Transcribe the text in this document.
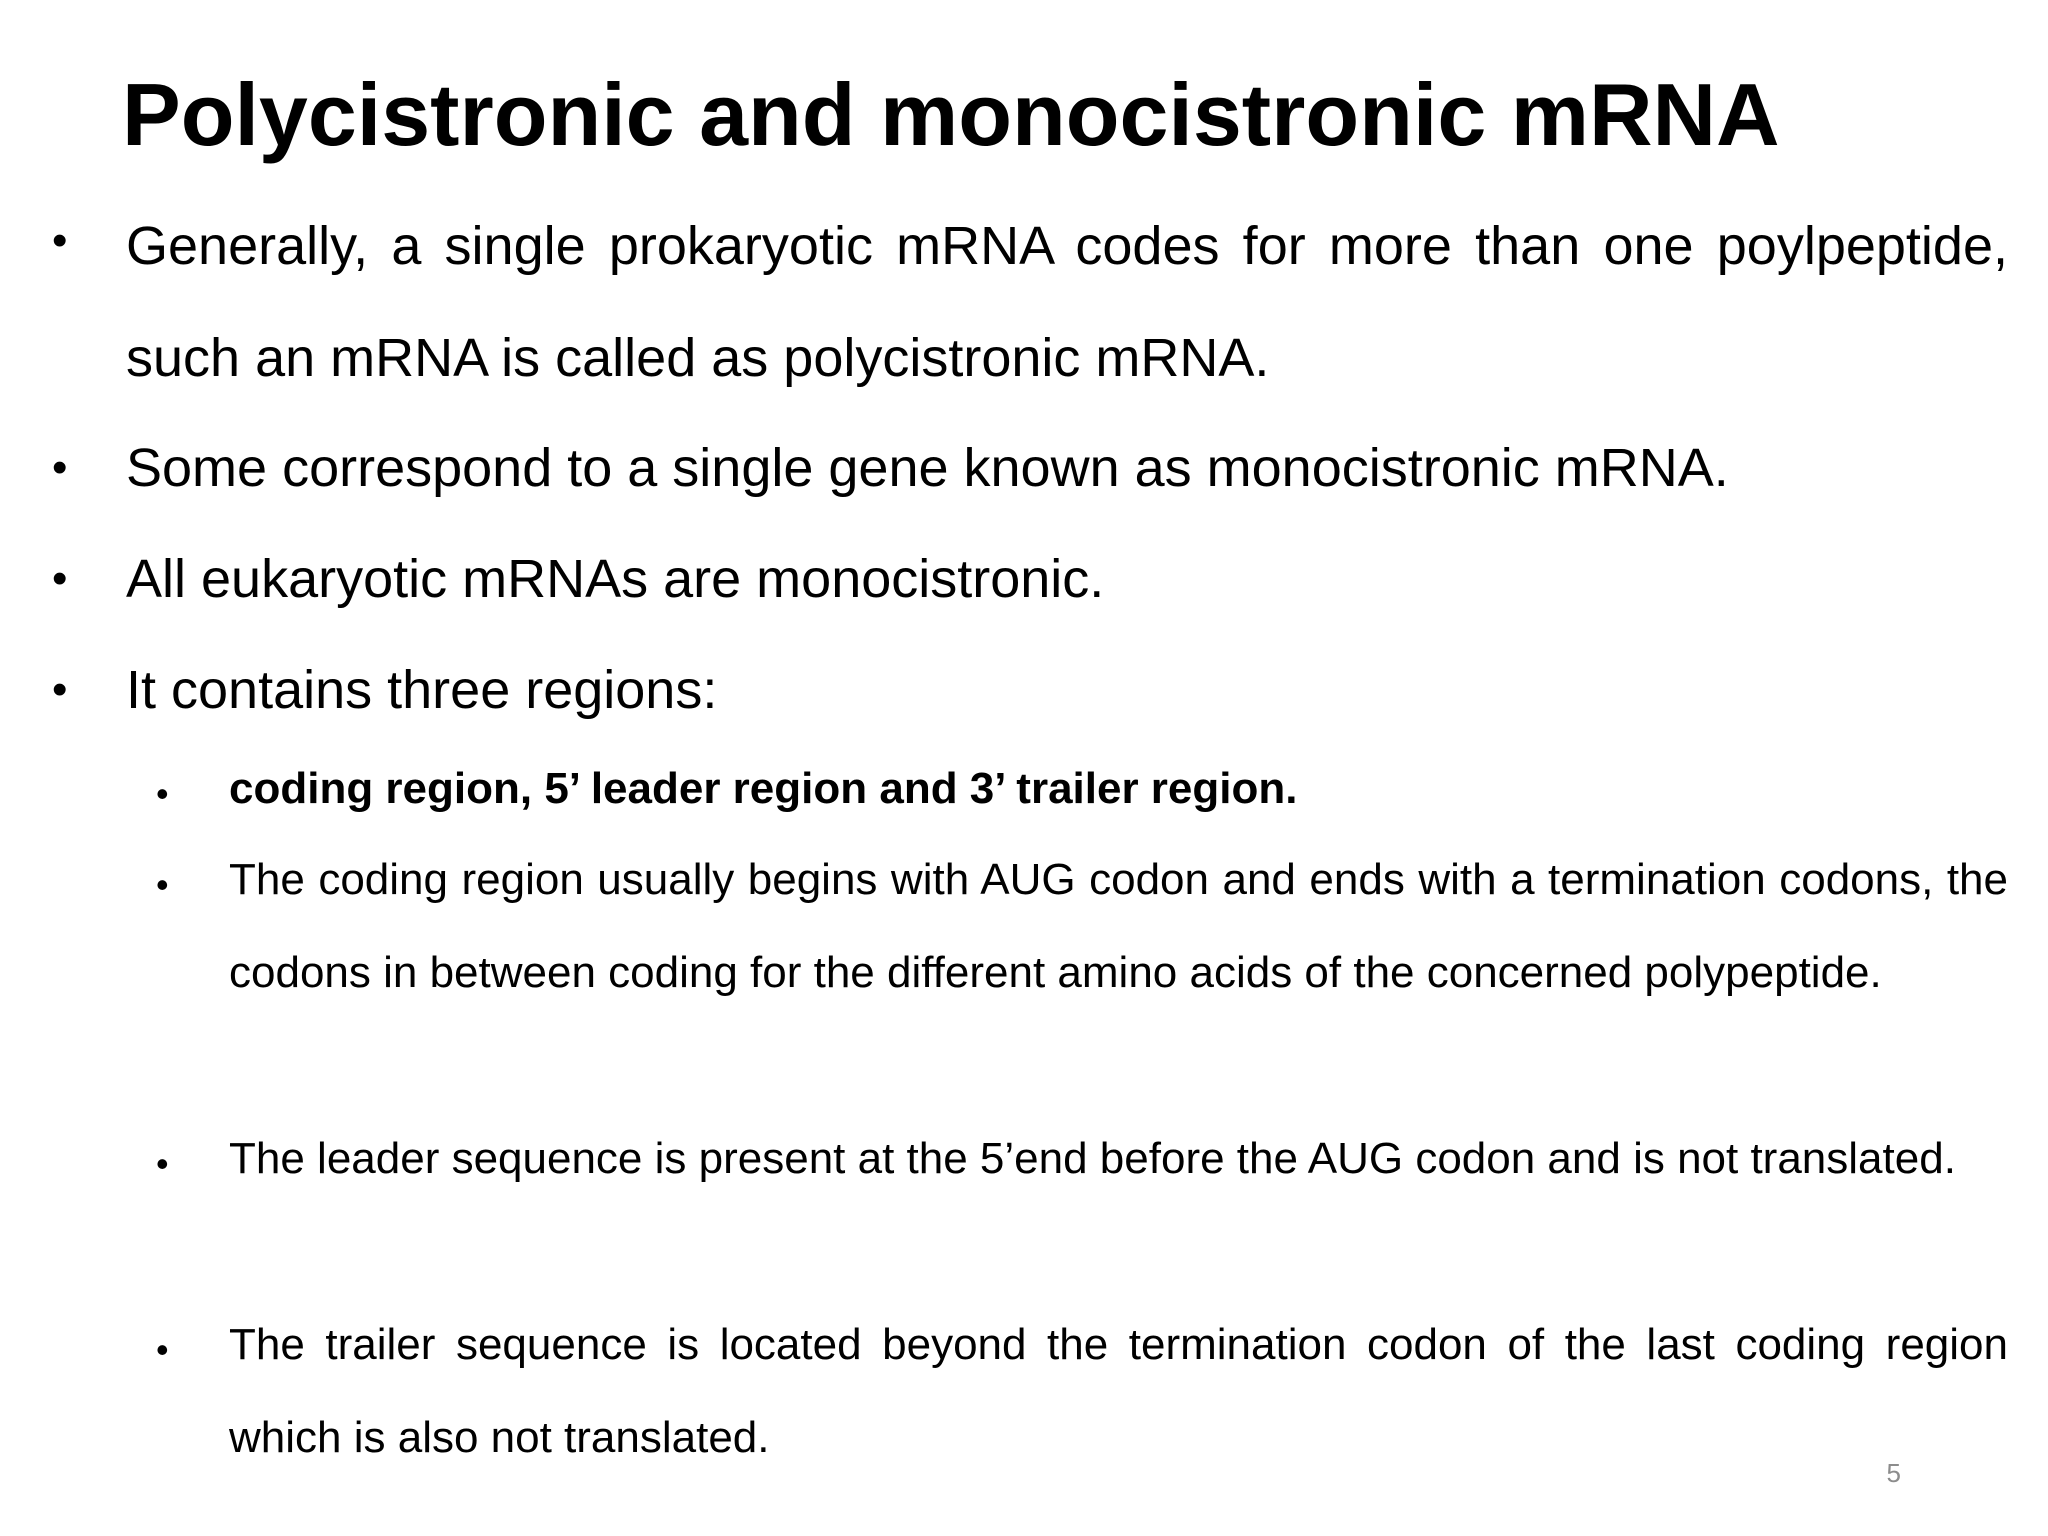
Polycistronic and monocistronic mRNA
• Generally, a single prokaryotic mRNA codes for more than one poylpeptide, such an mRNA is called as polycistronic mRNA.
• Some correspond to a single gene known as monocistronic mRNA.
• All eukaryotic mRNAs are monocistronic.
• It contains three regions:
• coding region, 5’ leader region and 3’ trailer region.
• The coding region usually begins with AUG codon and ends with a termination codons, the codons in between coding for the different amino acids of the concerned polypeptide.
• The leader sequence is present at the 5’end before the AUG codon and is not translated.
• The trailer sequence is located beyond the termination codon of the last coding region which is also not translated.
5
